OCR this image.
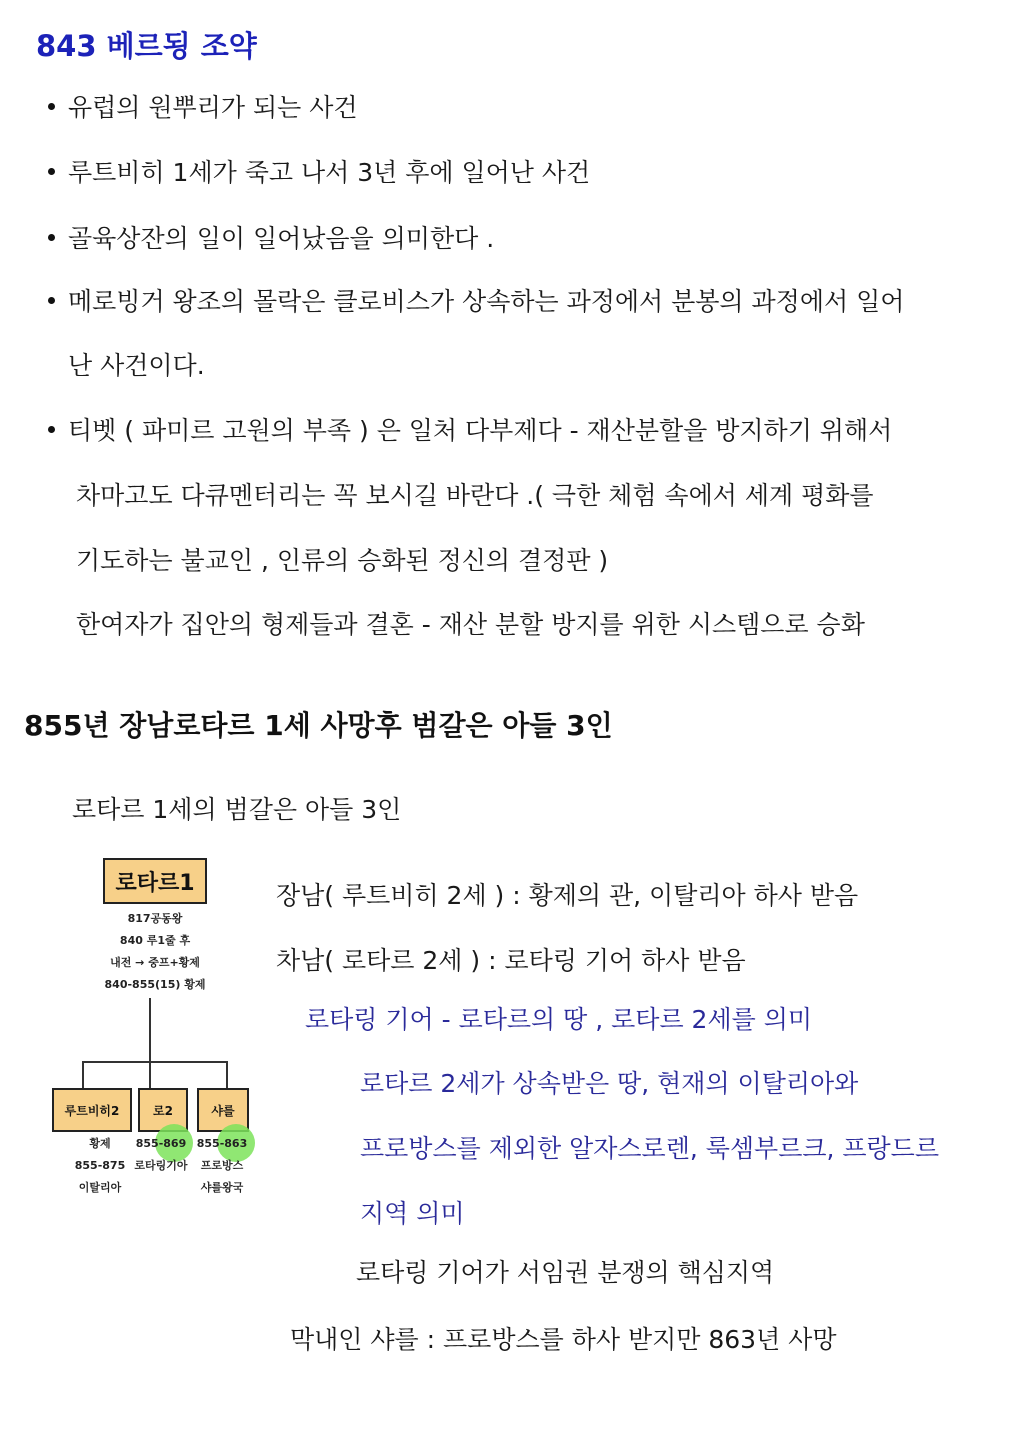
843 베르됭 조약
유럽의 원뿌리가 되는 사건
루트비히 1세가 죽고 나서 3년 후에 일어난 사건
골육상잔의 일이 일어났음을 의미한다 .
메로빙거 왕조의 몰락은 클로비스가 상속하는 과정에서 분봉의 과정에서 일어
난 사건이다.
티벳 ( 파미르 고원의 부족 ) 은 일처 다부제다 - 재산분할을 방지하기 위해서
차마고도 다큐멘터리는 꼭 보시길 바란다 .( 극한 체험 속에서 세계 평화를
기도하는 불교인 , 인류의 승화된 정신의 결정판 )
한여자가 집안의 형제들과 결혼 - 재산 분할 방지를 위한 시스템으로 승화
855년 장남로타르 1세 사망후 범갈은 아들 3인
로타르 1세의 범갈은 아들 3인
로타르1
817공동왕
840 루1줄 후
내전 → 중프+황제
840-855(15) 황제
루트비히2	로2	샤를
황제
855-875
이탈리아
855-869
로타링기아
855-863
프로방스
샤를왕국
장남( 루트비히 2세 ) : 황제의 관, 이탈리아 하사 받음
차남( 로타르 2세 ) : 로타링 기어 하사 받음
로타링 기어 - 로타르의 땅 , 로타르 2세를 의미
로타르 2세가 상속받은 땅, 현재의 이탈리아와
프로방스를 제외한 알자스로렌, 룩셈부르크, 프랑드르
지역 의미
로타링 기어가 서임권 분쟁의 핵심지역
막내인 샤를 : 프로방스를 하사 받지만 863년 사망
